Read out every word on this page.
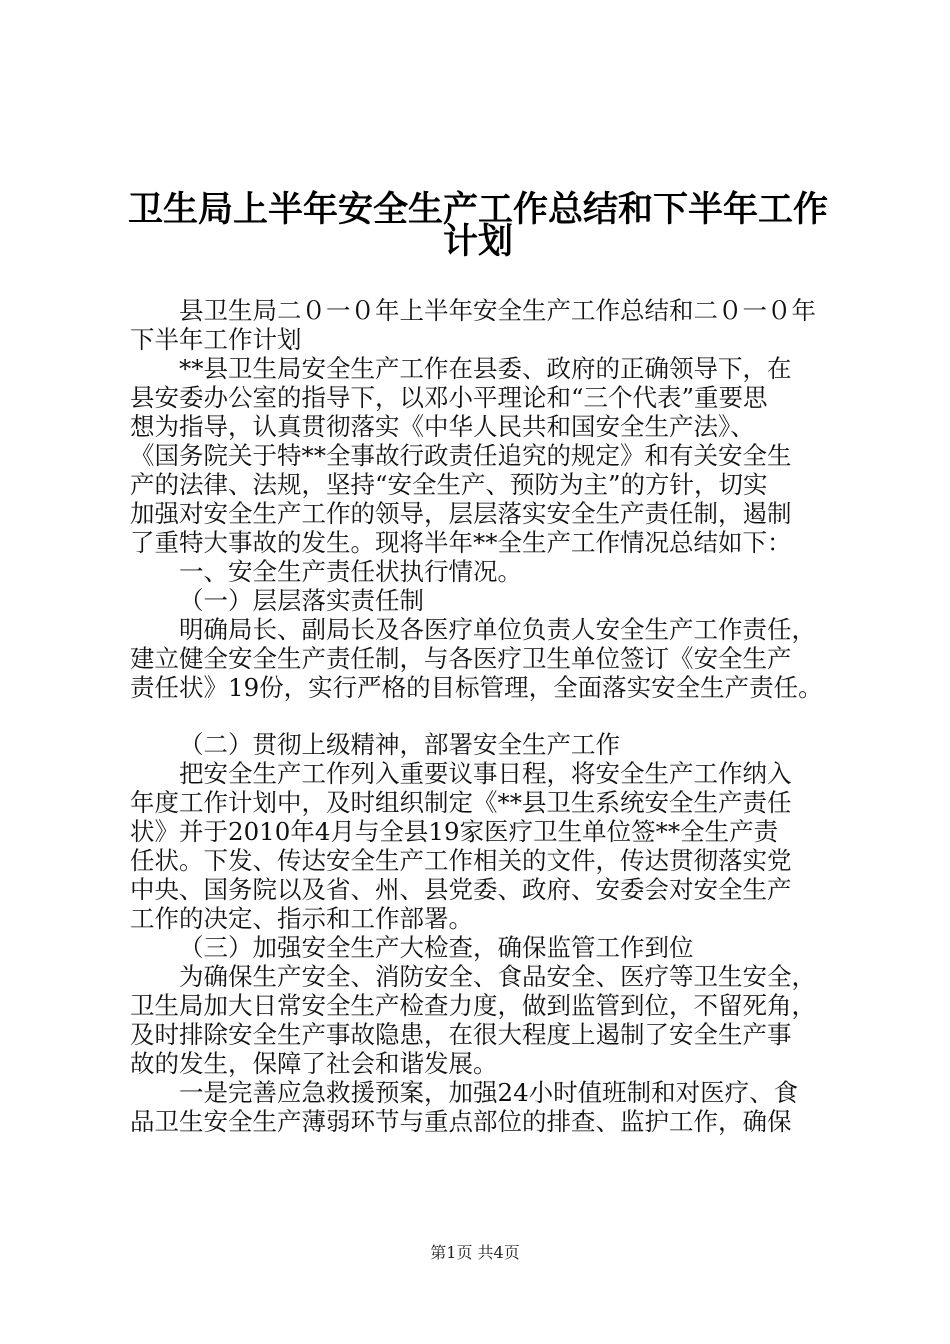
卫生局上半年安全生产工作总结和下半年工作
计划
县卫生局二０一０年上半年安全生产工作总结和二０一０年
下半年工作计划
**县卫生局安全生产工作在县委、政府的正确领导下，在
县安委办公室的指导下，以邓小平理论和“三个代表”重要思
想为指导，认真贯彻落实《中华人民共和国安全生产法》、
《国务院关于特**全事故行政责任追究的规定》和有关安全生
产的法律、法规，坚持“安全生产、预防为主”的方针，切实
加强对安全生产工作的领导，层层落实安全生产责任制，遏制
了重特大事故的发生。现将半年**全生产工作情况总结如下：
一、安全生产责任状执行情况。
（一）层层落实责任制
明确局长、副局长及各医疗单位负责人安全生产工作责任，
建立健全安全生产责任制，与各医疗卫生单位签订《安全生产
责任状》19份，实行严格的目标管理，全面落实安全生产责任。
（二）贯彻上级精神，部署安全生产工作
把安全生产工作列入重要议事日程，将安全生产工作纳入
年度工作计划中，及时组织制定《**县卫生系统安全生产责任
状》并于2010年4月与全县19家医疗卫生单位签**全生产责
任状。下发、传达安全生产工作相关的文件，传达贯彻落实党
中央、国务院以及省、州、县党委、政府、安委会对安全生产
工作的决定、指示和工作部署。
（三）加强安全生产大检查，确保监管工作到位
为确保生产安全、消防安全、食品安全、医疗等卫生安全，
卫生局加大日常安全生产检查力度，做到监管到位，不留死角，
及时排除安全生产事故隐患，在很大程度上遏制了安全生产事
故的发生，保障了社会和谐发展。
一是完善应急救援预案，加强24小时值班制和对医疗、食
品卫生安全生产薄弱环节与重点部位的排查、监护工作，确保
第1页 共4页
